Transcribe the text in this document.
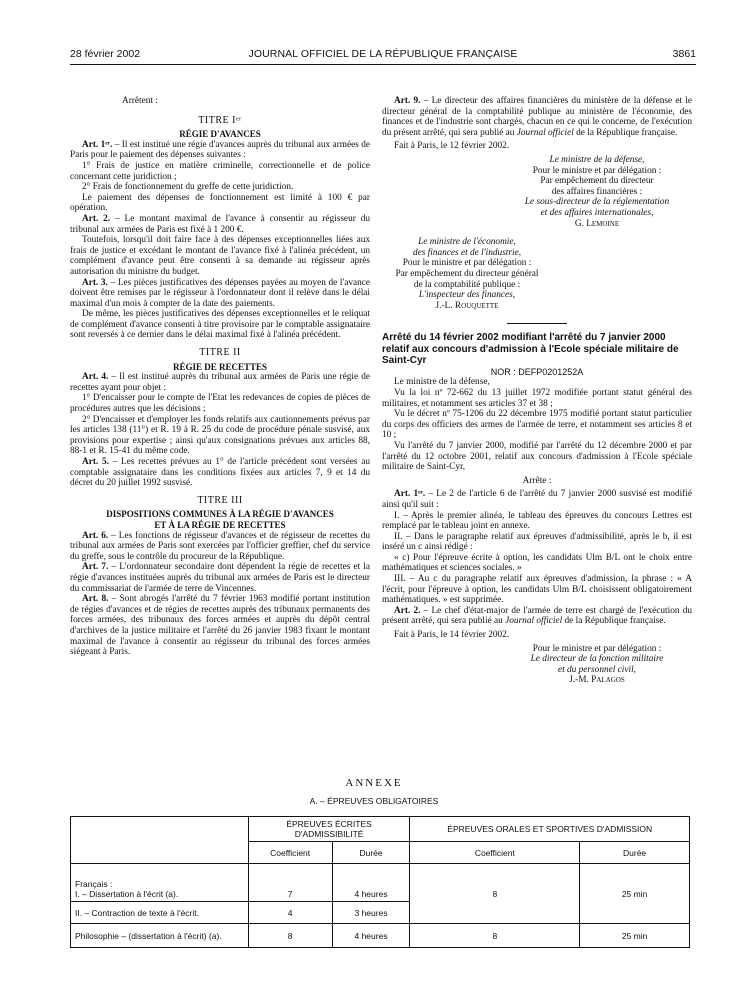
28 février 2002	JOURNAL OFFICIEL DE LA RÉPUBLIQUE FRANÇAISE	3861

Arrêtent :

TITRE Iᵉʳ

RÉGIE D'AVANCES

Art. 1ᵉʳ. – Il est institué une régie d'avances auprès du tribunal aux armées de Paris pour le paiement des dépenses suivantes :

1° Frais de justice en matière criminelle, correctionnelle et de police concernant cette juridiction ;

2° Frais de fonctionnement du greffe de cette juridiction.

Le paiement des dépenses de fonctionnement est limité à 100 € par opération.

Art. 2. – Le montant maximal de l'avance à consentir au régisseur du tribunal aux armées de Paris est fixé à 1 200 €.

Toutefois, lorsqu'il doit faire face à des dépenses exceptionnelles liées aux frais de justice et excédant le montant de l'avance fixé à l'alinéa précédent, un complément d'avance peut être consenti à sa demande au régisseur après autorisation du ministre du budget.

Art. 3. – Les pièces justificatives des dépenses payées au moyen de l'avance doivent être remises par le régisseur à l'ordonnateur dont il relève dans le délai maximal d'un mois à compter de la date des paiements.

De même, les pièces justificatives des dépenses exceptionnelles et le reliquat de complément d'avance consenti à titre provisoire par le comptable assignataire sont reversés à ce dernier dans le délai maximal fixé à l'alinéa précédent.

TITRE II

RÉGIE DE RECETTES

Art. 4. – Il est institué auprès du tribunal aux armées de Paris une régie de recettes ayant pour objet :

1° D'encaisser pour le compte de l'Etat les redevances de copies de pièces de procédures autres que les décisions ;

2° D'encaisser et d'employer les fonds relatifs aux cautionnements prévus par les articles 138 (11°) et R. 19 à R. 25 du code de procédure pénale susvisé, aux provisions pour expertise ; ainsi qu'aux consignations prévues aux articles 88, 88-1 et R. 15-41 du même code.

Art. 5. – Les recettes prévues au 1° de l'article précédent sont versées au comptable assignataire dans les conditions fixées aux articles 7, 9 et 14 du décret du 20 juillet 1992 susvisé.

TITRE III

DISPOSITIONS COMMUNES À LA RÉGIE D'AVANCES

ET À LA RÉGIE DE RECETTES

Art. 6. – Les fonctions de régisseur d'avances et de régisseur de recettes du tribunal aux armées de Paris sont exercées par l'officier greffier, chef du service du greffe, sous le contrôle du procureur de la République.

Art. 7. – L'ordonnateur secondaire dont dépendent la régie de recettes et la régie d'avances instituées auprès du tribunal aux armées de Paris est le directeur du commissariat de l'armée de terre de Vincennes.

Art. 8. – Sont abrogés l'arrêté du 7 février 1963 modifié portant institution de régies d'avances et de régies de recettes auprès des tribunaux permanents des forces armées, des tribunaux des forces armées et auprès du dépôt central d'archives de la justice militaire et l'arrêté du 26 janvier 1983 fixant le montant maximal de l'avance à consentir au régisseur du tribunal des forces armées siégeant à Paris.

Art. 9. – Le directeur des affaires financières du ministère de la défense et le directeur général de la comptabilité publique au ministère de l'économie, des finances et de l'industrie sont chargés, chacun en ce qui le concerne, de l'exécution du présent arrêté, qui sera publié au Journal officiel de la République française.

Fait à Paris, le 12 février 2002.

Le ministre de la défense,

Pour le ministre et par délégation :

Par empêchement du directeur

des affaires financières :

Le sous-directeur de la réglementation

et des affaires internationales,

G. Lemoine

Le ministre de l'économie,

des finances et de l'industrie,

Pour le ministre et par délégation :

Par empêchement du directeur général

de la comptabilité publique :

L'inspecteur des finances,

J.-L. Rouquette

Arrêté du 14 février 2002 modifiant l'arrêté du 7 janvier 2000 relatif aux concours d'admission à l'Ecole spéciale militaire de Saint-Cyr

NOR : DEFP0201252A

Le ministre de la défense,

Vu la loi nº 72-662 du 13 juillet 1972 modifiée portant statut général des militaires, et notamment ses articles 37 et 38 ;

Vu le décret nº 75-1206 du 22 décembre 1975 modifié portant statut particulier du corps des officiers des armes de l'armée de terre, et notamment ses articles 8 et 10 ;

Vu l'arrêté du 7 janvier 2000, modifié par l'arrêté du 12 décembre 2000 et par l'arrêté du 12 octobre 2001, relatif aux concours d'admission à l'Ecole spéciale militaire de Saint-Cyr,

Arrête :

Art. 1ᵉʳ. – Le 2 de l'article 6 de l'arrêté du 7 janvier 2000 susvisé est modifié ainsi qu'il suit :

I. – Après le premier alinéa, le tableau des épreuves du concours Lettres est remplacé par le tableau joint en annexe.

II. – Dans le paragraphe relatif aux épreuves d'admissibilité, après le b, il est inséré un c ainsi rédigé :

« c) Pour l'épreuve écrite à option, les candidats Ulm B/L ont le choix entre mathématiques et sciences sociales. »

III. – Au c du paragraphe relatif aux épreuves d'admission, la phrase : « A l'écrit, pour l'épreuve à option, les candidats Ulm B/L choisissent obligatoirement mathématiques. » est supprimée.

Art. 2. – Le chef d'état-major de l'armée de terre est chargé de l'exécution du présent arrêté, qui sera publié au Journal officiel de la République française.

Fait à Paris, le 14 février 2002.

Pour le ministre et par délégation :

Le directeur de la fonction militaire

et du personnel civil,

J.-M. Palagos

ANNEXE
A. – ÉPREUVES OBLIGATOIRES
	ÉPREUVES ÉCRITES D'ADMISSIBILITÉ		ÉPREUVES ORALES ET SPORTIVES D'ADMISSION	
	Coefficient	Durée	Coefficient	Durée

Français :
I. – Dissertation à l'écrit (a).	7	4 heures	8	25 min
II. – Contraction de texte à l'écrit.	4	3 heures		
Philosophie – (dissertation à l'écrit) (a).	8	4 heures	8	25 min
